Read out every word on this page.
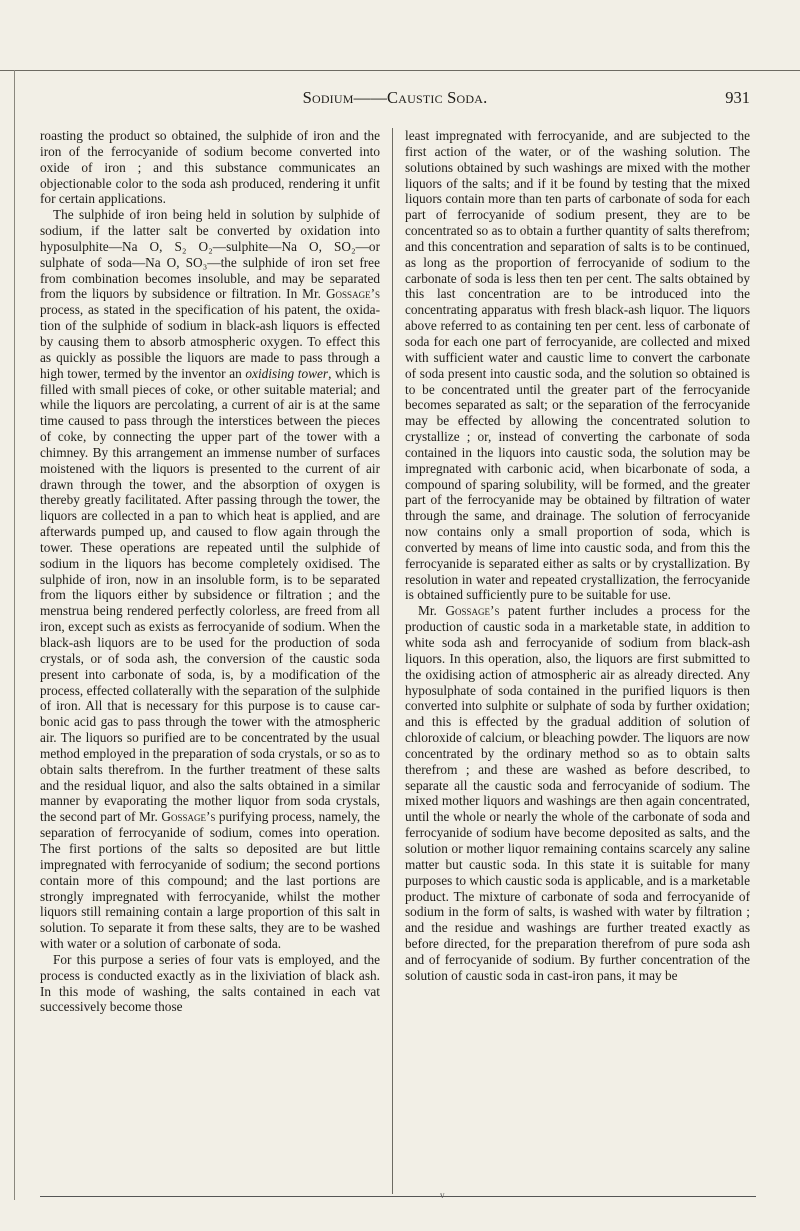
Sodium——Caustic Soda.	931

roasting the product so obtained, the sulphide of iron and the iron of the ferrocyanide of sodium become converted into oxide of iron ; and this substance communicates an objectionable color to the soda ash produced, rendering it unfit for certain applications.

The sulphide of iron being held in solution by sulphide of sodium, if the latter salt be converted by oxidation into hyposulphite—Na O, S₂ O₂—sulphite—Na O, SO₂—or sulphate of soda—Na O, SO₃—the sulphide of iron set free from combination becomes insoluble, and may be separated from the liquors by subsidence or filtration. In Mr. Gossage’s process, as stated in the specification of his patent, the oxidation of the sulphide of sodium in black-ash liquors is effected by causing them to absorb atmospheric oxygen. To effect this as quickly as possible the liquors are made to pass through a high tower, termed by the inventor an oxidising tower, which is filled with small pieces of coke, or other suitable material; and while the liquors are percolating, a current of air is at the same time caused to pass through the interstices between the pieces of coke, by connecting the upper part of the tower with a chimney. By this arrangement an immense number of surfaces moistened with the liquors is presented to the current of air drawn through the tower, and the absorption of oxygen is thereby greatly facilitated. After passing through the tower, the liquors are collected in a pan to which heat is applied, and are afterwards pumped up, and caused to flow again through the tower. These operations are repeated until the sulphide of sodium in the liquors has become completely oxidised. The sulphide of iron, now in an insoluble form, is to be separated from the liquors either by subsidence or filtration ; and the menstrua being rendered perfectly colorless, are freed from all iron, except such as exists as ferrocyanide of sodium. When the black-ash liquors are to be used for the production of soda crystals, or of soda ash, the conversion of the caustic soda present into carbonate of soda, is, by a modification of the process, effected collaterally with the separation of the sulphide of iron. All that is necessary for this purpose is to cause carbonic acid gas to pass through the tower with the atmospheric air. The liquors so purified are to be concentrated by the usual method employed in the preparation of soda crystals, or so as to obtain salts therefrom. In the further treatment of these salts and the residual liquor, and also the salts obtained in a similar manner by evaporating the mother liquor from soda crystals, the second part of Mr. Gossage’s purifying process, namely, the separation of ferrocyanide of sodium, comes into operation. The first portions of the salts so deposited are but little impregnated with ferrocyanide of sodium; the second portions contain more of this compound; and the last portions are strongly impregnated with ferrocyanide, whilst the mother liquors still remaining contain a large proportion of this salt in solution. To separate it from these salts, they are to be washed with water or a solution of carbonate of soda.

For this purpose a series of four vats is employed, and the process is conducted exactly as in the lixiviation of black ash. In this mode of washing, the salts contained in each vat successively become those

least impregnated with ferrocyanide, and are subjected to the first action of the water, or of the washing solution. The solutions obtained by such washings are mixed with the mother liquors of the salts; and if it be found by testing that the mixed liquors contain more than ten parts of carbonate of soda for each part of ferrocyanide of sodium present, they are to be concentrated so as to obtain a further quantity of salts therefrom; and this concentration and separation of salts is to be continued, as long as the proportion of ferrocyanide of sodium to the carbonate of soda is less then ten per cent. The salts obtained by this last concentration are to be introduced into the concentrating apparatus with fresh black-ash liquor. The liquors above referred to as containing ten per cent. less of carbonate of soda for each one part of ferrocyanide, are collected and mixed with sufficient water and caustic lime to convert the carbonate of soda present into caustic soda, and the solution so obtained is to be concentrated until the greater part of the ferrocyanide becomes separated as salt; or the separation of the ferrocyanide may be effected by allowing the concentrated solution to crystallize ; or, instead of converting the carbonate of soda contained in the liquors into caustic soda, the solution may be impregnated with carbonic acid, when bicarbonate of soda, a compound of sparing solubility, will be formed, and the greater part of the ferrocyanide may be obtained by filtration of water through the same, and drainage. The solution of ferrocyanide now contains only a small proportion of soda, which is converted by means of lime into caustic soda, and from this the ferrocyanide is separated either as salts or by crystallization. By resolution in water and repeated crystallization, the ferrocyanide is obtained sufficiently pure to be suitable for use.

Mr. Gossage’s patent further includes a process for the production of caustic soda in a marketable state, in addition to white soda ash and ferrocyanide of sodium from black-ash liquors. In this operation, also, the liquors are first submitted to the oxidising action of atmospheric air as already directed. Any hyposulphate of soda contained in the purified liquors is then converted into sulphite or sulphate of soda by further oxidation; and this is effected by the gradual addition of solution of chloroxide of calcium, or bleaching powder. The liquors are now concentrated by the ordinary method so as to obtain salts therefrom ; and these are washed as before described, to separate all the caustic soda and ferrocyanide of sodium. The mixed mother liquors and washings are then again concentrated, until the whole or nearly the whole of the carbonate of soda and ferrocyanide of sodium have become deposited as salts, and the solution or mother liquor remaining contains scarcely any saline matter but caustic soda. In this state it is suitable for many purposes to which caustic soda is applicable, and is a marketable product. The mixture of carbonate of soda and ferrocyanide of sodium in the form of salts, is washed with water by filtration ; and the residue and washings are further treated exactly as before directed, for the preparation therefrom of pure soda ash and of ferrocyanide of sodium. By further concentration of the solution of caustic soda in cast-iron pans, it may be

v
